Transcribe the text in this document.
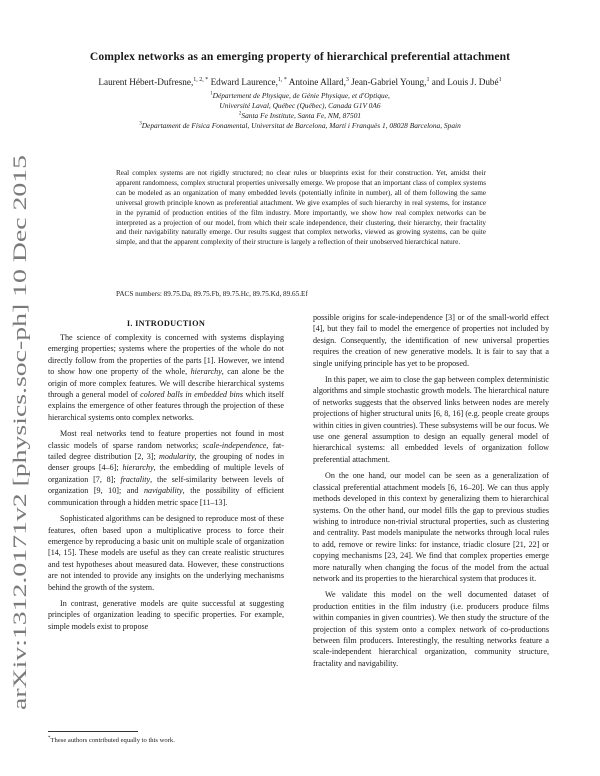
arXiv:1312.0171v2 [physics.soc-ph] 10 Dec 2015
Complex networks as an emerging property of hierarchical preferential attachment
Laurent Hébert-Dufresne,$^{1, 2, *}$ Edward Laurence,$^{1, *}$ Antoine Allard,$^3$ Jean-Gabriel Young,$^1$ and Louis J. Dubé$^1$
$^1$Département de Physique, de Génie Physique, et d'Optique,
Université Laval, Québec (Québec), Canada G1V 0A6
$^2$Santa Fe Institute, Santa Fe, NM, 87501
$^3$Departament de Física Fonamental, Universitat de Barcelona, Martí i Franquès 1, 08028 Barcelona, Spain
Real complex systems are not rigidly structured; no clear rules or blueprints exist for their construction. Yet, amidst their apparent randomness, complex structural properties universally emerge. We propose that an important class of complex systems can be modeled as an organization of many embedded levels (potentially infinite in number), all of them following the same universal growth principle known as preferential attachment. We give examples of such hierarchy in real systems, for instance in the pyramid of production entities of the film industry. More importantly, we show how real complex networks can be interpreted as a projection of our model, from which their scale independence, their clustering, their hierarchy, their fractality and their navigability naturally emerge. Our results suggest that complex networks, viewed as growing systems, can be quite simple, and that the apparent complexity of their structure is largely a reflection of their unobserved hierarchical nature.
PACS numbers: 89.75.Da, 89.75.Fb, 89.75.Hc, 89.75.Kd, 89.65.Ef
I. INTRODUCTION

The science of complexity is concerned with systems displaying emerging properties; systems where the properties of the whole do not directly follow from the properties of the parts [1]. However, we intend to show how one property of the whole, hierarchy, can alone be the origin of more complex features. We will describe hierarchical systems through a general model of colored balls in embedded bins which itself explains the emergence of other features through the projection of these hierarchical systems onto complex networks.

Most real networks tend to feature properties not found in most classic models of sparse random networks; scale-independence, fat-tailed degree distribution [2, 3]; modularity, the grouping of nodes in denser groups [4–6]; hierarchy, the embedding of multiple levels of organization [7, 8]; fractality, the self-similarity between levels of organization [9, 10]; and navigability, the possibility of efficient communication through a hidden metric space [11–13].

Sophisticated algorithms can be designed to reproduce most of these features, often based upon a multiplicative process to force their emergence by reproducing a basic unit on multiple scale of organization [14, 15]. These models are useful as they can create realistic structures and test hypotheses about measured data. However, these constructions are not intended to provide any insights on the underlying mechanisms behind the growth of the system.

In contrast, generative models are quite successful at suggesting principles of organization leading to specific properties. For example, simple models exist to propose

possible origins for scale-independence [3] or of the small-world effect [4], but they fail to model the emergence of properties not included by design. Consequently, the identification of new universal properties requires the creation of new generative models. It is fair to say that a single unifying principle has yet to be proposed.

In this paper, we aim to close the gap between complex deterministic algorithms and simple stochastic growth models. The hierarchical nature of networks suggests that the observed links between nodes are merely projections of higher structural units [6, 8, 16] (e.g. people create groups within cities in given countries). These subsystems will be our focus. We use one general assumption to design an equally general model of hierarchical systems: all embedded levels of organization follow preferential attachment.

On the one hand, our model can be seen as a generalization of classical preferential attachment models [6, 16–20]. We can thus apply methods developed in this context by generalizing them to hierarchical systems. On the other hand, our model fills the gap to previous studies wishing to introduce non-trivial structural properties, such as clustering and centrality. Past models manipulate the networks through local rules to add, remove or rewire links: for instance, triadic closure [21, 22] or copying mechanisms [23, 24]. We find that complex properties emerge more naturally when changing the focus of the model from the actual network and its properties to the hierarchical system that produces it.

We validate this model on the well documented dataset of production entities in the film industry (i.e. producers produce films within companies in given countries). We then study the structure of the projection of this system onto a complex network of co-productions between film producers. Interestingly, the resulting networks feature a scale-independent hierarchical organization, community structure, fractality and navigability.

*These authors contributed equally to this work.
